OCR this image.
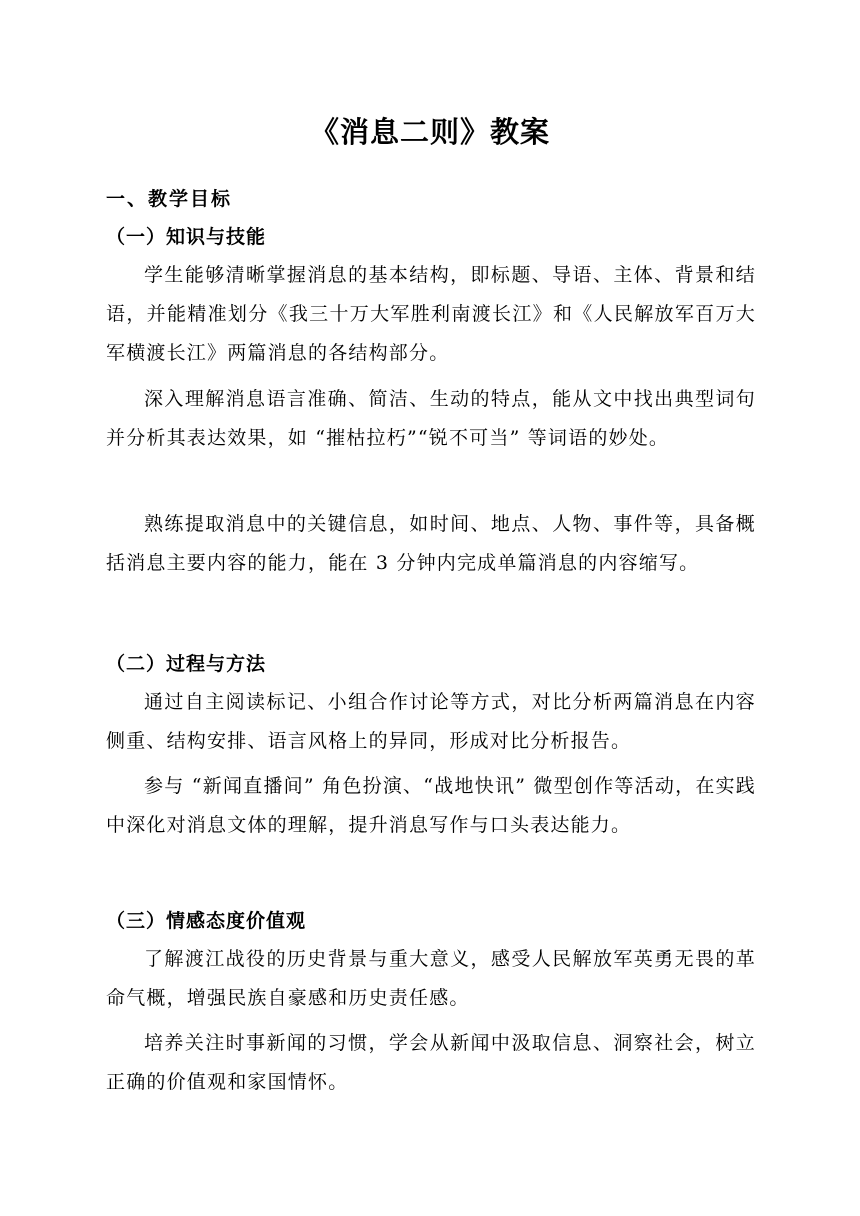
《消息二则》教案
一、教学目标
（一）知识与技能

学生能够清晰掌握消息的基本结构，即标题、导语、主体、背景和结语，并能精准划分《我三十万大军胜利南渡长江》和《人民解放军百万大军横渡长江》两篇消息的各结构部分。

深入理解消息语言准确、简洁、生动的特点，能从文中找出典型词句并分析其表达效果，如 “摧枯拉朽”“锐不可当” 等词语的妙处。

熟练提取消息中的关键信息，如时间、地点、人物、事件等，具备概括消息主要内容的能力，能在 3 分钟内完成单篇消息的内容缩写。

（二）过程与方法

通过自主阅读标记、小组合作讨论等方式，对比分析两篇消息在内容侧重、结构安排、语言风格上的异同，形成对比分析报告。

参与 “新闻直播间” 角色扮演、“战地快讯” 微型创作等活动，在实践中深化对消息文体的理解，提升消息写作与口头表达能力。

（三）情感态度价值观

了解渡江战役的历史背景与重大意义，感受人民解放军英勇无畏的革命气概，增强民族自豪感和历史责任感。

培养关注时事新闻的习惯，学会从新闻中汲取信息、洞察社会，树立正确的价值观和家国情怀。
